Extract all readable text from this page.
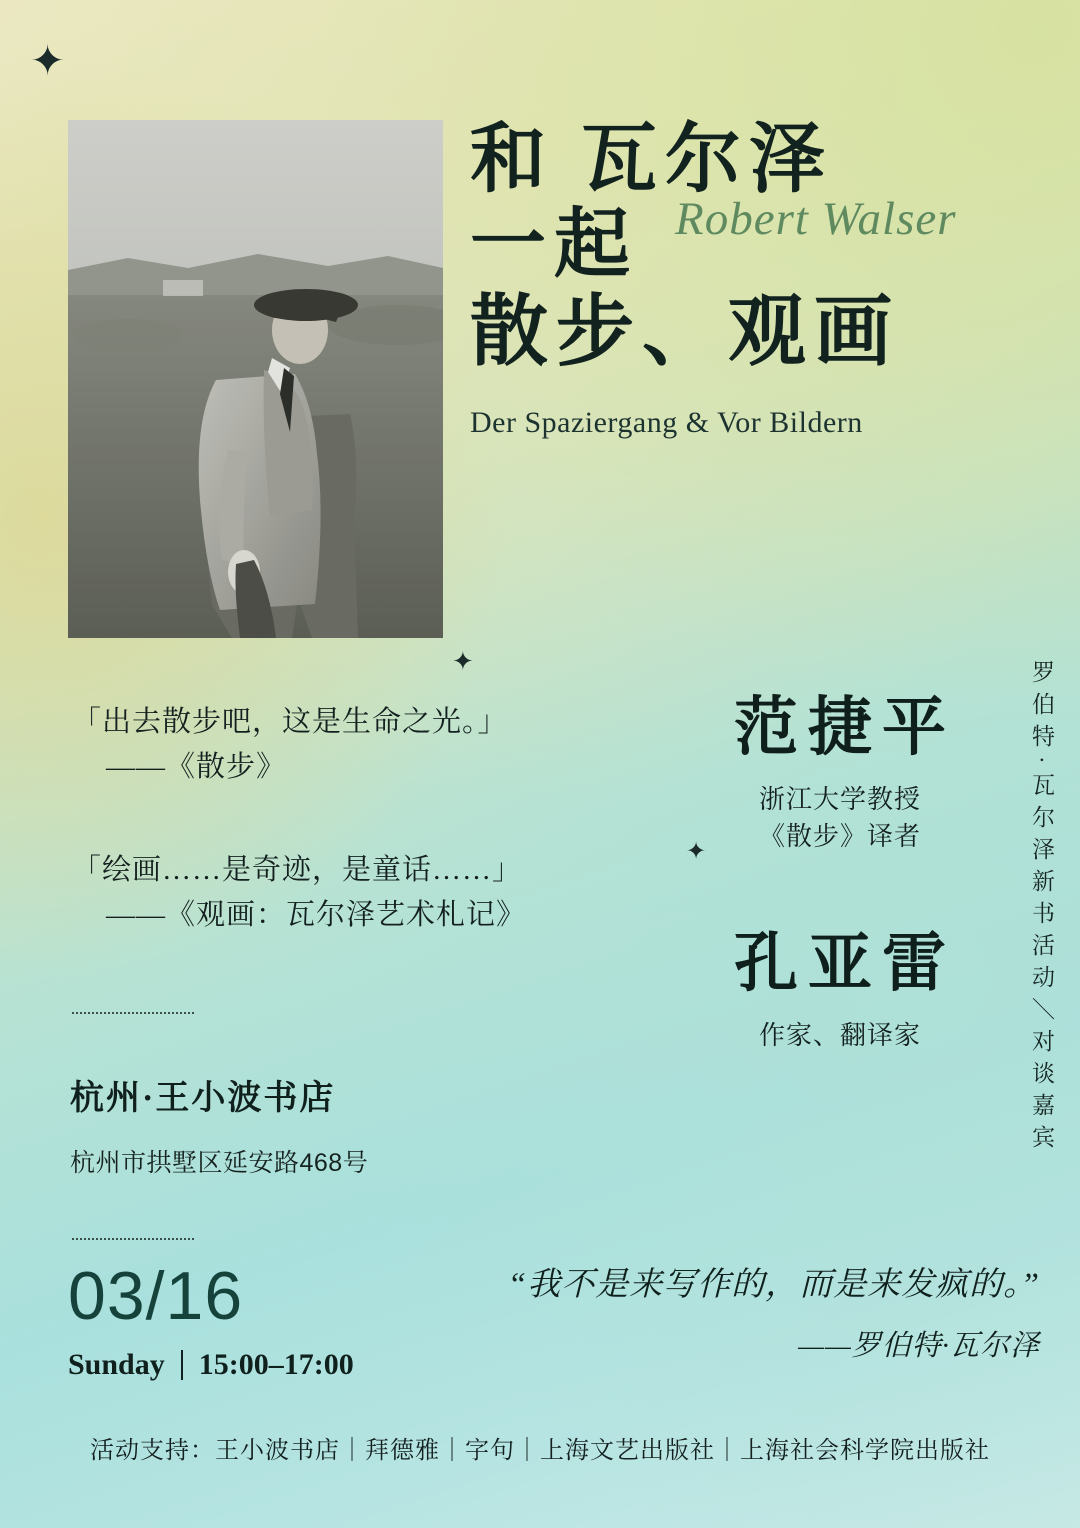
✦
✦
✦
和 瓦尔泽
一起
散步、观画
Robert Walser
Der Spaziergang & Vor Bildern
「出去散步吧，这是生命之光。」
——《散步》
「绘画……是奇迹，是童话……」
——《观画：瓦尔泽艺术札记》
杭州·王小波书店
杭州市拱墅区延安路468号
03/16
Sunday 15:00–17:00
范捷平
浙江大学教授
《散步》译者
孔亚雷
作家、翻译家	罗伯特·瓦尔泽新书活动＼对谈嘉宾
“我不是来写作的，而是来发疯的。”
——罗伯特·瓦尔泽
活动支持：王小波书店｜拜德雅｜字句｜上海文艺出版社｜上海社会科学院出版社
